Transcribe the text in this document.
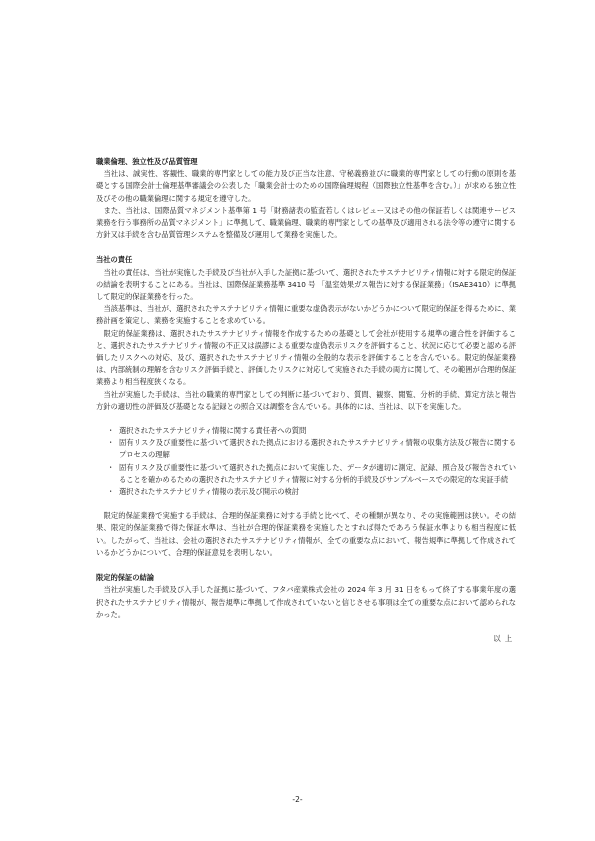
職業倫理、独立性及び品質管理

当社は、誠実性、客観性、職業的専門家としての能力及び正当な注意、守秘義務並びに職業的専門家としての行動の原則を基礎とする国際会計士倫理基準審議会の公表した「職業会計士のための国際倫理規程（国際独立性基準を含む。）」が求める独立性及びその他の職業倫理に関する規定を遵守した。

また、当社は、国際品質マネジメント基準第 1 号「財務諸表の監査若しくはレビュー又はその他の保証若しくは関連サービス業務を行う事務所の品質マネジメント」に準拠して、職業倫理、職業的専門家としての基準及び適用される法令等の遵守に関する方針又は手続を含む品質管理システムを整備及び運用して業務を実施した。

当社の責任

当社の責任は、当社が実施した手続及び当社が入手した証拠に基づいて、選択されたサステナビリティ情報に対する限定的保証の結論を表明することにある。当社は、国際保証業務基準 3410 号 「温室効果ガス報告に対する保証業務」（ISAE3410）に準拠して限定的保証業務を行った。

当該基準は、当社が、選択されたサステナビリティ情報に重要な虚偽表示がないかどうかについて限定的保証を得るために、業務計画を策定し、業務を実施することを求めている。

限定的保証業務は、選択されたサステナビリティ情報を作成するための基礎として会社が使用する規準の適合性を評価すること、選択されたサステナビリティ情報の不正又は誤謬による重要な虚偽表示リスクを評価すること、状況に応じて必要と認める評価したリスクへの対応、及び、選択されたサステナビリティ情報の全般的な表示を評価することを含んでいる。限定的保証業務は、内部統制の理解を含むリスク評価手続と、評価したリスクに対応して実施された手続の両方に関して、その範囲が合理的保証業務より相当程度狭くなる。

当社が実施した手続は、当社の職業的専門家としての判断に基づいており、質問、観察、閲覧、分析的手続、算定方法と報告方針の適切性の評価及び基礎となる記録との照合又は調整を含んでいる。具体的には、当社は、以下を実施した。

・ 選択されたサステナビリティ情報に関する責任者への質問
・ 固有リスク及び重要性に基づいて選択された拠点における選択されたサステナビリティ情報の収集方法及び報告に関するプロセスの理解
・ 固有リスク及び重要性に基づいて選択された拠点において実施した、データが適切に測定、記録、照合及び報告されていることを確かめるための選択されたサステナビリティ情報に対する分析的手続及びサンプルベースでの限定的な実証手続
・ 選択されたサステナビリティ情報の表示及び開示の検討

限定的保証業務で実施する手続は、合理的保証業務に対する手続と比べて、その種類が異なり、その実施範囲は狭い。その結果、限定的保証業務で得た保証水準は、当社が合理的保証業務を実施したとすれば得たであろう保証水準よりも相当程度に低い。したがって、当社は、会社の選択されたサステナビリティ情報が、全ての重要な点において、報告規準に準拠して作成されているかどうかについて、合理的保証意見を表明しない。

限定的保証の結論

当社が実施した手続及び入手した証拠に基づいて、フタバ産業株式会社の 2024 年 3 月 31 日をもって終了する事業年度の選択されたサステナビリティ情報が、報告規準に準拠して作成されていないと信じさせる事項は全ての重要な点において認められなかった。

以上

-2-
